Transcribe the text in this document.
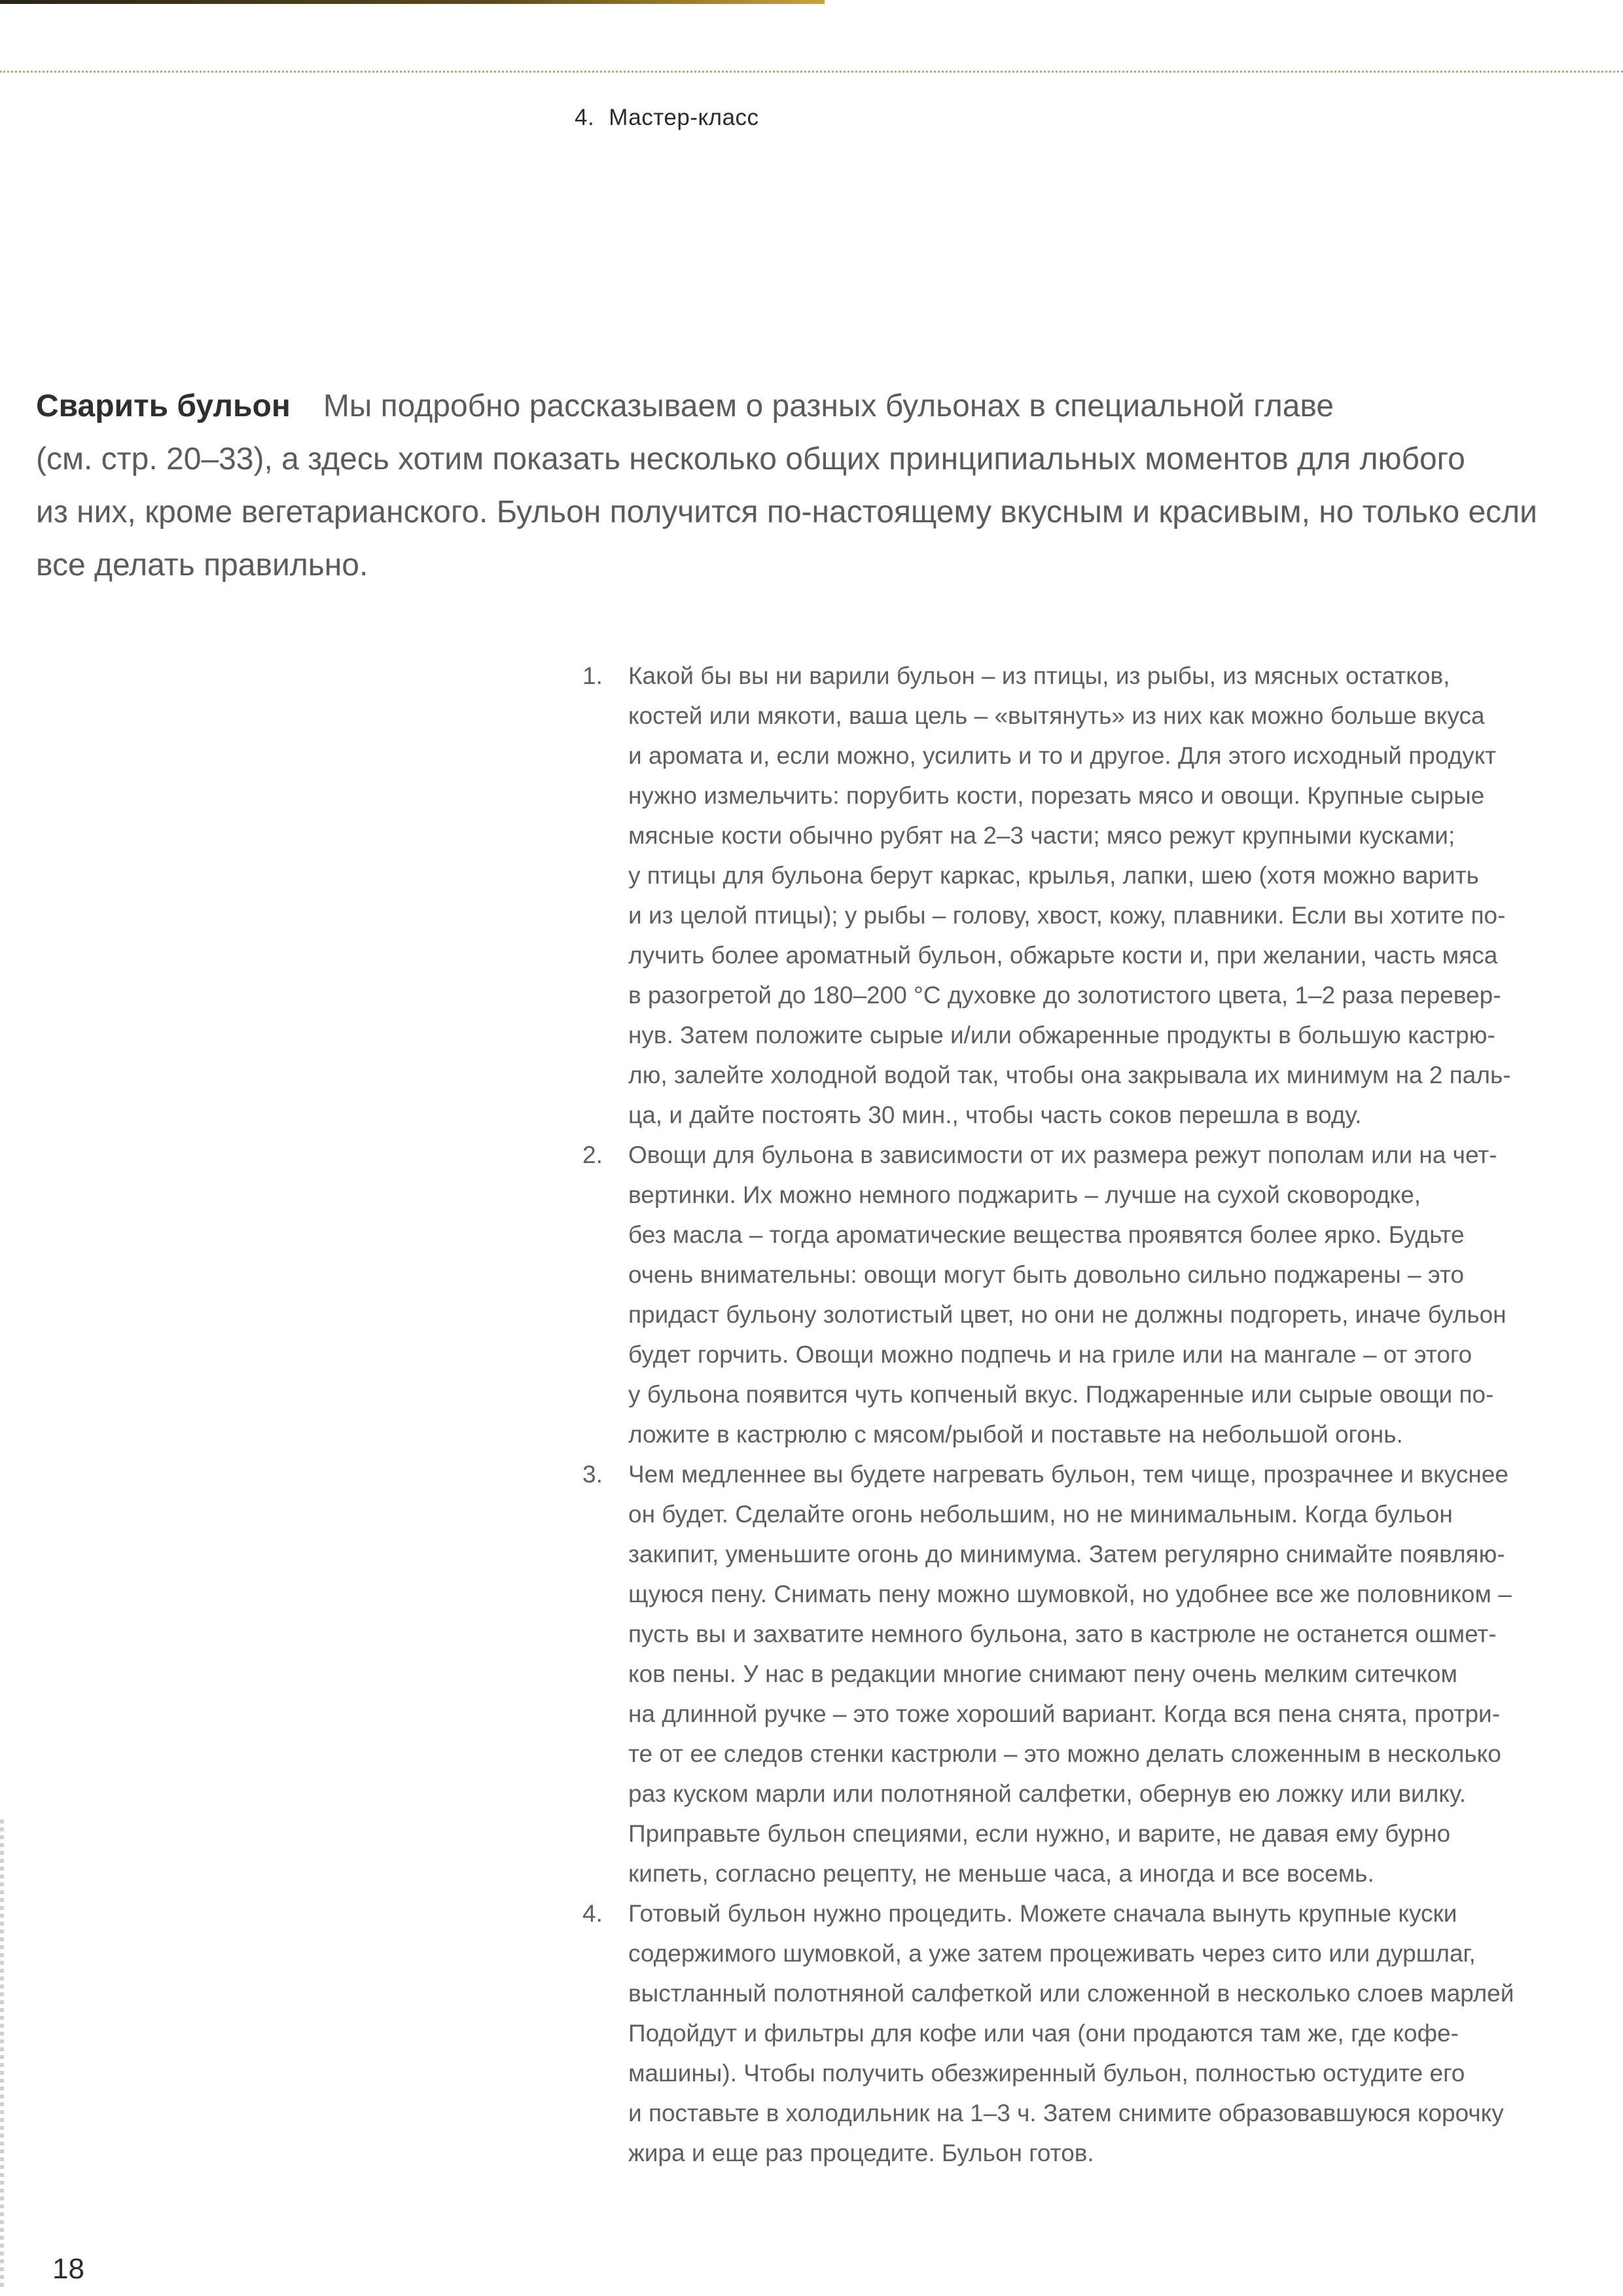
4. Мастер-класс

Сварить бульон Мы подробно рассказываем о разных бульонах в специальной главе
(см. стр. 20–33), а здесь хотим показать несколько общих принципиальных моментов для любого
из них, кроме вегетарианского. Бульон получится по-настоящему вкусным и красивым, но только если
все делать правильно.

1. Какой бы вы ни варили бульон – из птицы, из рыбы, из мясных остатков,
костей или мякоти, ваша цель – «вытянуть» из них как можно больше вкуса
и аромата и, если можно, усилить и то и другое. Для этого исходный продукт
нужно измельчить: порубить кости, порезать мясо и овощи. Крупные сырые
мясные кости обычно рубят на 2–3 части; мясо режут крупными кусками;
у птицы для бульона берут каркас, крылья, лапки, шею (хотя можно варить
и из целой птицы); у рыбы – голову, хвост, кожу, плавники. Если вы хотите по-
лучить более ароматный бульон, обжарьте кости и, при желании, часть мяса
в разогретой до 180–200 °С духовке до золотистого цвета, 1–2 раза перевер-
нув. Затем положите сырые и/или обжаренные продукты в большую кастрю-
лю, залейте холодной водой так, чтобы она закрывала их минимум на 2 паль-
ца, и дайте постоять 30 мин., чтобы часть соков перешла в воду.
2. Овощи для бульона в зависимости от их размера режут пополам или на чет-
вертинки. Их можно немного поджарить – лучше на сухой сковородке,
без масла – тогда ароматические вещества проявятся более ярко. Будьте
очень внимательны: овощи могут быть довольно сильно поджарены – это
придаст бульону золотистый цвет, но они не должны подгореть, иначе бульон
будет горчить. Овощи можно подпечь и на гриле или на мангале – от этого
у бульона появится чуть копченый вкус. Поджаренные или сырые овощи по-
ложите в кастрюлю с мясом/рыбой и поставьте на небольшой огонь.
3. Чем медленнее вы будете нагревать бульон, тем чище, прозрачнее и вкуснее
он будет. Сделайте огонь небольшим, но не минимальным. Когда бульон
закипит, уменьшите огонь до минимума. Затем регулярно снимайте появляю-
щуюся пену. Снимать пену можно шумовкой, но удобнее все же половником –
пусть вы и захватите немного бульона, зато в кастрюле не останется ошмет-
ков пены. У нас в редакции многие снимают пену очень мелким ситечком
на длинной ручке – это тоже хороший вариант. Когда вся пена снята, протри-
те от ее следов стенки кастрюли – это можно делать сложенным в несколько
раз куском марли или полотняной салфетки, обернув ею ложку или вилку.
Приправьте бульон специями, если нужно, и варите, не давая ему бурно
кипеть, согласно рецепту, не меньше часа, а иногда и все восемь.
4. Готовый бульон нужно процедить. Можете сначала вынуть крупные куски
содержимого шумовкой, а уже затем процеживать через сито или дуршлаг,
выстланный полотняной салфеткой или сложенной в несколько слоев марлей
Подойдут и фильтры для кофе или чая (они продаются там же, где кофе-
машины). Чтобы получить обезжиренный бульон, полностью остудите его
и поставьте в холодильник на 1–3 ч. Затем снимите образовавшуюся корочку
жира и еще раз процедите. Бульон готов.
18
